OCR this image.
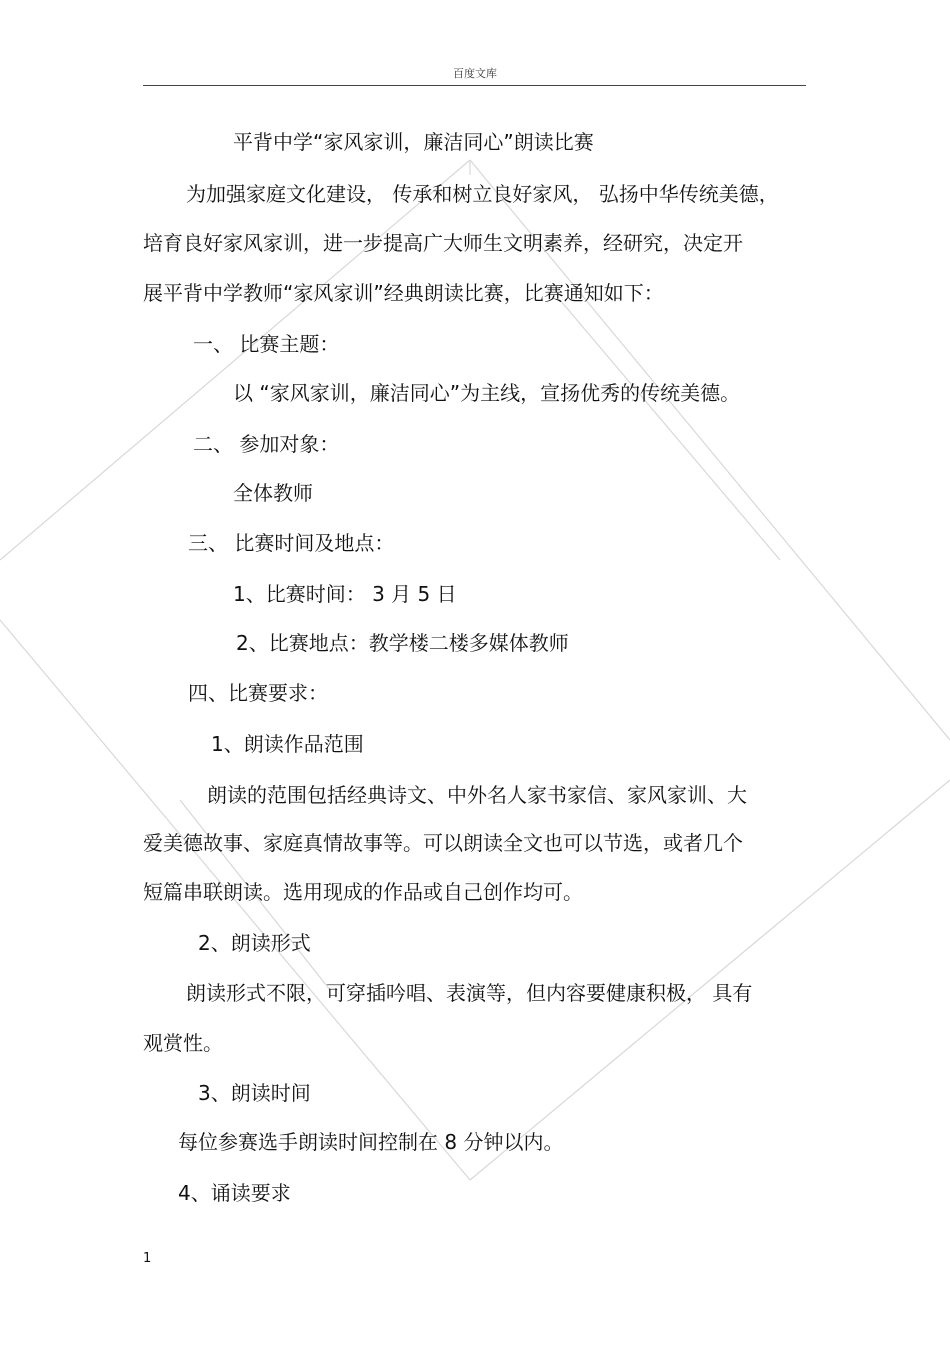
百度文库
平背中学“家风家训，廉洁同心”朗读比赛
为加强家庭文化建设， 传承和树立良好家风， 弘扬中华传统美德，
培育良好家风家训，进一步提高广大师生文明素养，经研究，决定开
展平背中学教师“家风家训”经典朗读比赛，比赛通知如下：
一、 比赛主题：
以 “家风家训，廉洁同心”为主线，宣扬优秀的传统美德。
二、 参加对象：
全体教师
三、 比赛时间及地点：
1、比赛时间： 3 月 5 日
2、比赛地点：教学楼二楼多媒体教师
四、比赛要求：
1、朗读作品范围
朗读的范围包括经典诗文、中外名人家书家信、家风家训、大
爱美德故事、家庭真情故事等。可以朗读全文也可以节选，或者几个
短篇串联朗读。选用现成的作品或自己创作均可。
2、朗读形式
朗读形式不限，可穿插吟唱、表演等，但内容要健康积极， 具有
观赏性。
3、朗读时间
每位参赛选手朗读时间控制在 8 分钟以内。
4、诵读要求
1
